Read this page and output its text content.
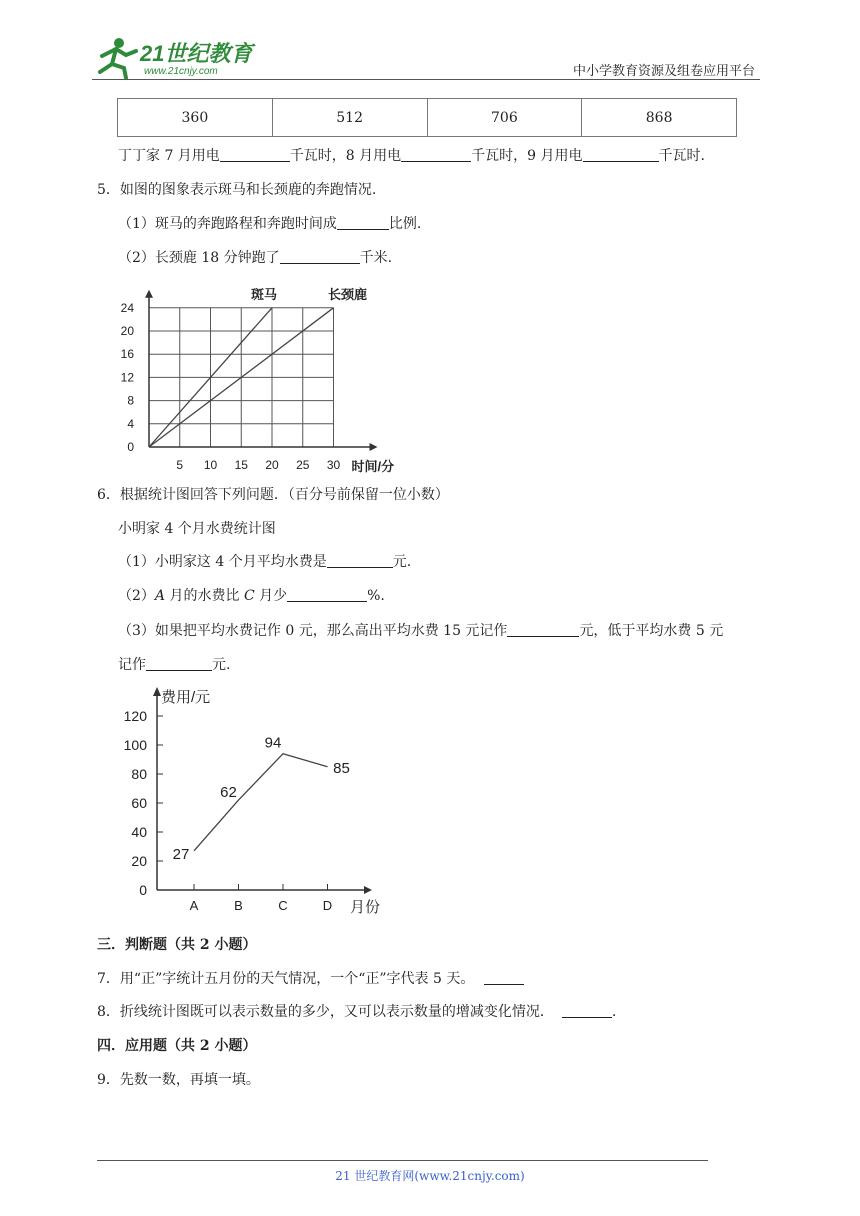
21世纪教育
www.21cnjy.com	中小学教育资源及组卷应用平台
360	512	706	868
丁丁家 7 月用电	千瓦时，8 月用电	千瓦时，9 月用电	千瓦时.
5．如图的图象表示斑马和长颈鹿的奔跑情况.
（1）斑马的奔跑路程和奔跑时间成	比例.
（2）长颈鹿 18 分钟跑了	千米.
0
4
8
12
16
20
24
5 10 15 20 25 30 时间/分
斑马	长颈鹿
6．根据统计图回答下列问题．（百分号前保留一位小数）
小明家 4 个月水费统计图
（1）小明家这 4 个月平均水费是	元.
（2）A 月的水费比 C 月少	%.
（3）如果把平均水费记作 0 元，那么高出平均水费 15 元记作	元，低于平均水费 5 元
记作	元.
费用/元
月份
0
20
40
60
80
100
120
A	B	C	D
27
62
94
85
三．判断题（共 2 小题）
7．用“正”字统计五月份的天气情况，一个“正”字代表 5 天。
8．折线统计图既可以表示数量的多少，又可以表示数量的增减变化情况．	.
四．应用题（共 2 小题）
9．先数一数，再填一填。
21 世纪教育网(www.21cnjy.com)
